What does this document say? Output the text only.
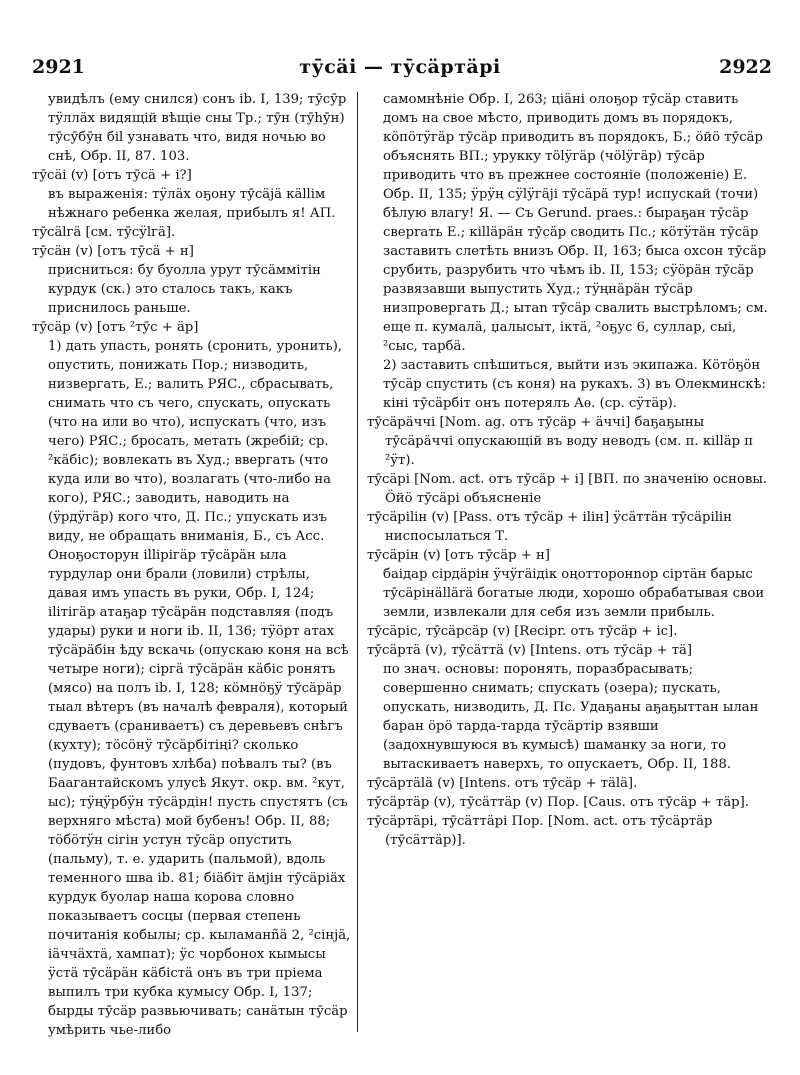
2921	тӯсäі — тӯсäртäрі	2922

увидѣлъ (ему снился) сонъ ib. I, 139; тӯсӯр тӱллäх видящій вѣщіе сны Тр.; тӯн (тӯһӯн) тӯсӯбӯн біl узнавать что, видя ночью во снѣ, Обр. II, 87. 103.

тӯсäі (v) [отъ тӯсä + і?]

въ выраженія: тӱлäх оҕону тӯсäјä кällім нѣжнаго ребенка желая, прибылъ я! АП.

тӯсälгä [см. тӯсӱlгä].

тӯсäн (v) [отъ тӯсä + н]

присниться: бу буолла урут тӯсäммітін курдук (ск.) это сталось такъ, какъ приснилось раньше.

тӯсäр (v) [отъ ²тӯс + äр]

1) дать упасть, ронять (сронить, уронить), опустить, понижать Пор.; низводить, низвергать, Е.; валить РЯС., сбрасывать, снимать что съ чего, спускать, опускать (что на или во что), испускать (что, изъ чего) РЯС.; бросать, метать (жребій; ср. ²кäбіс); вовлекать въ Худ.; ввергать (что куда или во что), возлагать (что-либо на кого), РЯС.; заводить, наводить на (ӱрдӱгäр) кого что, Д. Пс.; упускать изъ виду, не обращать вниманія, Б., съ Асс. Оноҕосторун іllірігäр тӯсäрäн ыла турдулар они брали (ловили) стрѣлы, давая имъ упасть въ руки, Обр. I, 124; іlітігäр атаҕар тӯсäрäн подставляя (подъ удары) руки и ноги ib. II, 136; тӱӧрт атах тӯсäрäбін ѣду вскачь (опускаю коня на всѣ четыре ноги); сіргä тӯсäрäн кäбіс ронять (мясо) на полъ ib. I, 128; кӧмнӧҕӱ тӯсäрäр тыал вѣтеръ (въ началѣ февраля), который сдуваетъ (сраниваетъ) съ деревьевъ снѣгъ (кухту); тӧсӧнӱ тӯсäрбітіңі? сколько (пудовъ, фунтовъ хлѣба) поѣвалъ ты? (въ Баагантайскомъ улусѣ Якут. окр. вм. ²кут, ыс); тӱңӱрбӱн тӯсäрдін! пусть спустятъ (съ верхняго мѣста) мой бубенъ! Обр. II, 88; тӧбӧтӱн сігін устун тӯсäр опустить (пальму), т. е. ударить (пальмой), вдоль теменного шва ib. 81; біäбіт äмјін тӯсäріäх курдук буолар наша корова словно показываетъ сосцы (первая степень почитанія кобылы; ср. кыламанñä 2, ²сінјä, іäччäхтä, хампат); ӱс чорбонох кымысы ӱстä тӯсäрäн кäбістä онъ въ три пріема выпилъ три кубка кумысу Обр. I, 137; бырды тӯсäр развьючивать; санäтын тӯсäр умѣрить чье-либо

самомнѣніе Обр. I, 263; ціäні олоҕор тӯсäр ставить домъ на свое мѣсто, приводить домъ въ порядокъ, кӧпӧтӱгäр тӯсäр приводить въ порядокъ, Б.; ӧйӧ тӯсäр объяснять ВП.; урукку тӧlӱгäр (чӧlӱгäр) тӯсäр приводить что въ прежнее состояніе (положеніе) Е. Обр. II, 135; ӱрӱң сӱlӱгäјі тӯсäрä тур! испускай (точи) бѣлую влагу! Я. — Съ Gerund. praes.: быраҕан тӯсäр сверrать Е.; кіlläрäн тӯсäр сводить Пс.; кӧтӱтäн тӯсäр заставить слетѣть внизъ Обр. II, 163; быса охсон тӯсäр срубить, разрубить что чѣмъ ib. II, 153; сӱӧрäн тӯсäр развязавши выпустить Худ.; тӱңнäрäн тӯсäр низпровергать Д.; ытаn тӯсäр свалить выстрѣломъ; см. еще п. кумалä, џалысыт, іктä, ²оҕус 6, суллар, сыі, ²сыс, тарбä.

2) заставить спѣшиться, выйти изъ экипажа. Кӧтӧҕӧн тӯсäр спустить (съ коня) на рукахъ. 3) въ Олекминскѣ: кіні тӯсäрбіт онъ потерялъ Аѳ. (ср. сӱтäр).

тӯсäрäччі [Nom. ag. отъ тӯсäр + äччі] баҕаҕыны тӯсäрäччі опускающій въ воду неводъ (см. п. кіlläр п ²ӱт).

тӯсäрі [Nom. act. отъ тӯсäр + і] [ВП. по значенію основы. Ӧйӧ тӯсäрі объясненіе

тӯсäріlін (v) [Pass. отъ тӯсäр + іlін] ӱсäттäн тӯсäріlін ниспосылаться Т.

тӯсäрін (v) [отъ тӯсäр + н]

баідар сірдäрін ӱчӱгäідік оңотторонnор сіртäн барыс тӯсäрінällärä богатые люди, хорошо обрабатывая свои земли, извлекали для себя изъ земли прибыль.

тӯсäріс, тӯсäрсäр (v) [Recipr. отъ тӯсäр + іс].

тӯсäртä (v), тӯсäттä (v) [Intens. отъ тӯсäр + тä]

по знач. основы: поронять, поразбрасывать; совершенно снимать; спускать (озера); пускать, опускать, низводить, Д. Пс. Удаҕаны аҕаҕыттан ылан баран ӧрӧ тарда-тарда тӯсäртір взявши (задохнувшуюся въ кумысѣ) шаманку за ноги, то вытаскиваетъ наверхъ, то опускаетъ, Обр. II, 188.

тӯсäртälä (v) [Intens. отъ тӯсäр + тälä].

тӯсäртäр (v), тӯсäттäр (v) Пор. [Caus. отъ тӯсäр + тäр].

тӯсäртäрі, тӯсäттäрі Пор. [Nom. act. отъ тӯсäртäр (тӯсäттäр)].
